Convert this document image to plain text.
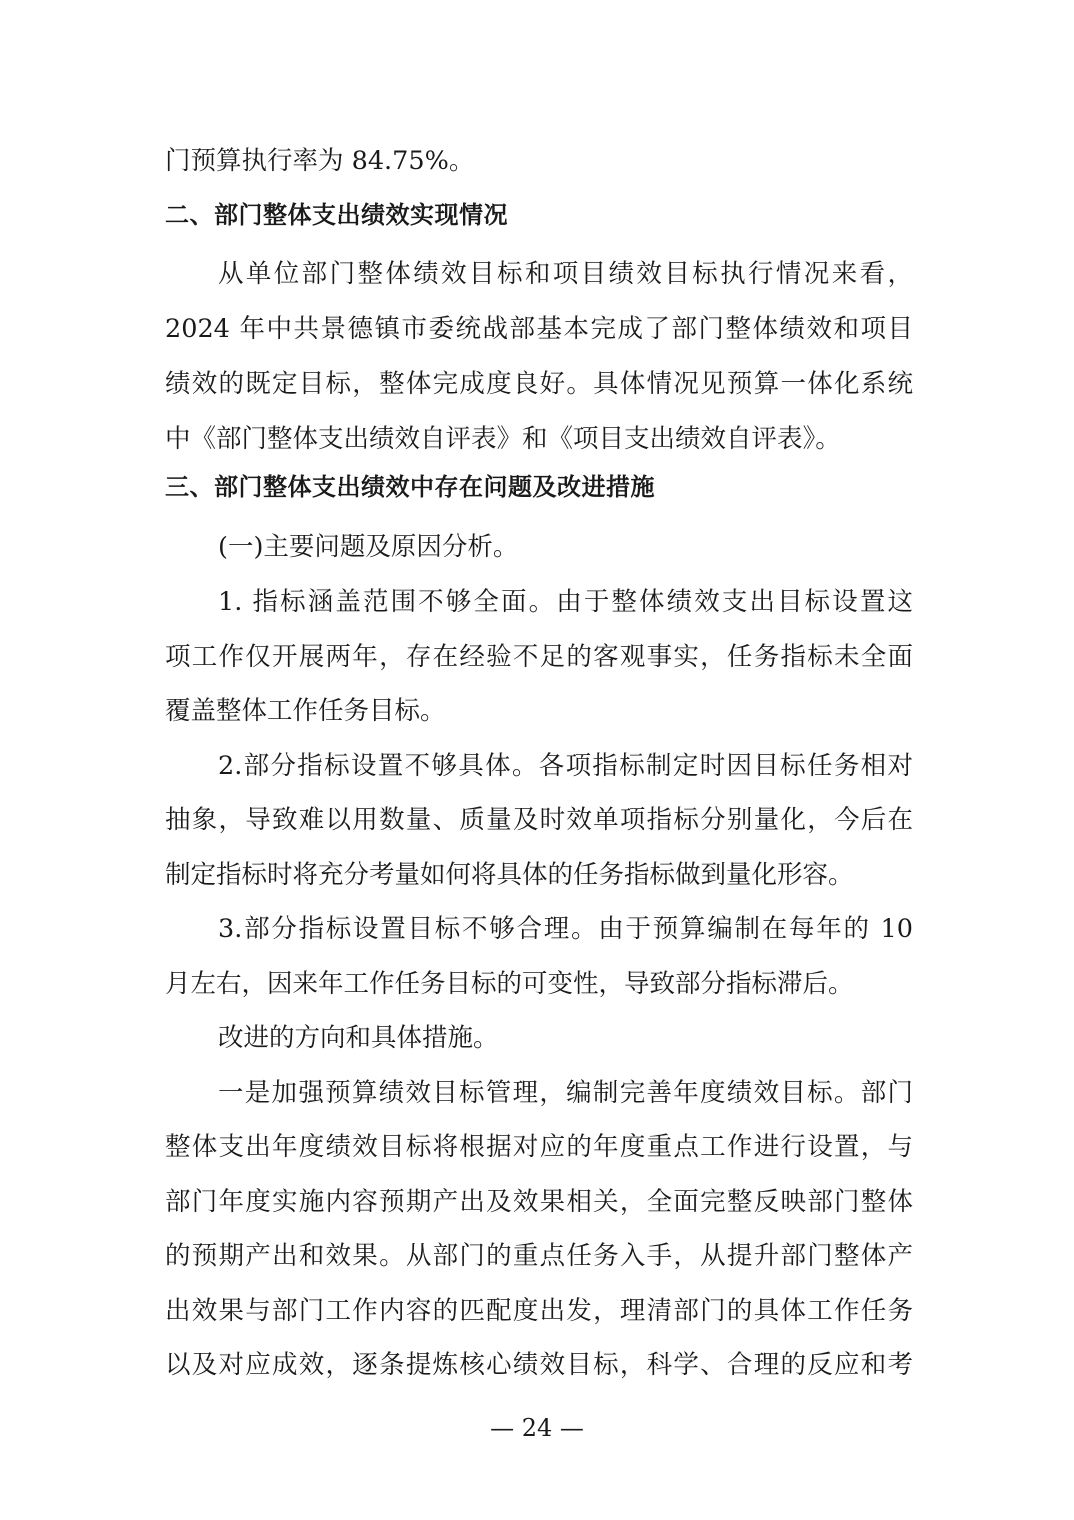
门预算执行率为 84.75%。
二、部门整体支出绩效实现情况
从单位部门整体绩效目标和项目绩效目标执行情况来看，
2024 年中共景德镇市委统战部基本完成了部门整体绩效和项目
绩效的既定目标，整体完成度良好。具体情况见预算一体化系统
中《部门整体支出绩效自评表》和《项目支出绩效自评表》。
三、部门整体支出绩效中存在问题及改进措施
(一)主要问题及原因分析。
1. 指标涵盖范围不够全面。由于整体绩效支出目标设置这
项工作仅开展两年，存在经验不足的客观事实，任务指标未全面
覆盖整体工作任务目标。
2.部分指标设置不够具体。各项指标制定时因目标任务相对
抽象，导致难以用数量、质量及时效单项指标分别量化，今后在
制定指标时将充分考量如何将具体的任务指标做到量化形容。
3.部分指标设置目标不够合理。由于预算编制在每年的 10
月左右，因来年工作任务目标的可变性，导致部分指标滞后。
改进的方向和具体措施。
一是加强预算绩效目标管理，编制完善年度绩效目标。部门
整体支出年度绩效目标将根据对应的年度重点工作进行设置，与
部门年度实施内容预期产出及效果相关，全面完整反映部门整体
的预期产出和效果。从部门的重点任务入手，从提升部门整体产
出效果与部门工作内容的匹配度出发，理清部门的具体工作任务
以及对应成效，逐条提炼核心绩效目标，科学、合理的反应和考
— 24 —
